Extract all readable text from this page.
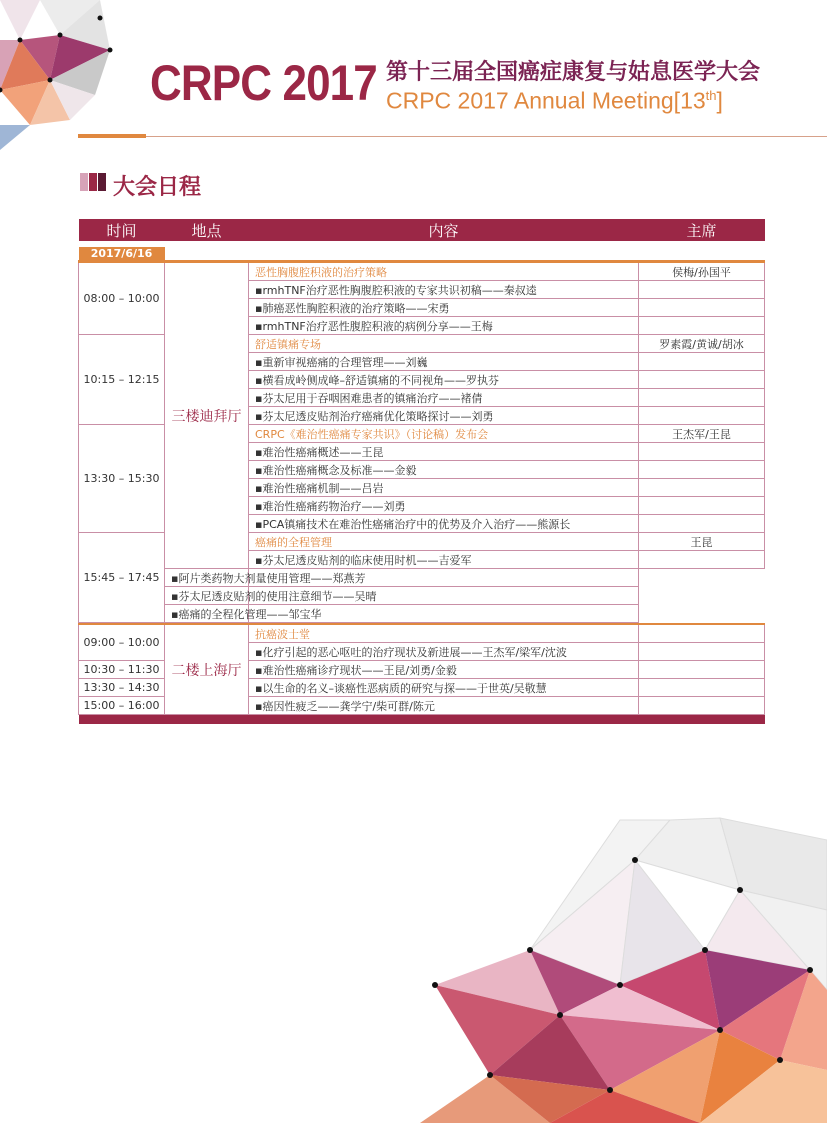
CRPC 2017 第十三届全国癌症康复与姑息医学大会
CRPC 2017 Annual Meeting[13th]
大会日程
时间	地点	内容	主席

2017/6/16			
08:00 – 10:00	三楼迪拜厅	恶性胸腹腔积液的治疗策略	侯梅/孙国平
		▪rmhTNF治疗恶性胸腹腔积液的专家共识初稿——秦叔逵	
		▪肺癌恶性胸腔积液的治疗策略——宋勇	
		▪rmhTNF治疗恶性腹腔积液的病例分享——王梅	
10:15 – 12:15		舒适镇痛专场	罗素霞/黄诚/胡冰
		▪重新审视癌痛的合理管理——刘巍	
		▪横看成岭侧成峰–舒适镇痛的不同视角——罗执芬	
		▪芬太尼用于吞咽困难患者的镇痛治疗——褚倩	
		▪芬太尼透皮贴剂治疗癌痛优化策略探讨——刘勇	
13:30 – 15:30		CRPC《难治性癌痛专家共识》（讨论稿）发布会	王杰军/王昆
		▪难治性癌痛概述——王昆	
		▪难治性癌痛概念及标准——金毅	
		▪难治性癌痛机制——吕岩	
		▪难治性癌痛药物治疗——刘勇	
		▪PCA镇痛技术在难治性癌痛治疗中的优势及介入治疗——熊源长	
15:45 – 17:45		癌痛的全程管理	王昆
		▪芬太尼透皮贴剂的临床使用时机——吉爱军	
	▪阿片类药物大剂量使用管理——郑燕芳		
	▪芬太尼透皮贴剂的使用注意细节——吴晴		
	▪癌痛的全程化管理——邹宝华		

09:00 – 10:00	二楼上海厅	抗癌波士堂	
		▪化疗引起的恶心呕吐的治疗现状及新进展——王杰军/梁军/沈波	
10:30 – 11:30		▪难治性癌痛诊疗现状——王昆/刘勇/金毅	
13:30 – 14:30		▪以生命的名义–谈癌性恶病质的研究与探——于世英/吴敬慧	
15:00 – 16:00		▪癌因性疲乏——龚学宁/柴可群/陈元	
